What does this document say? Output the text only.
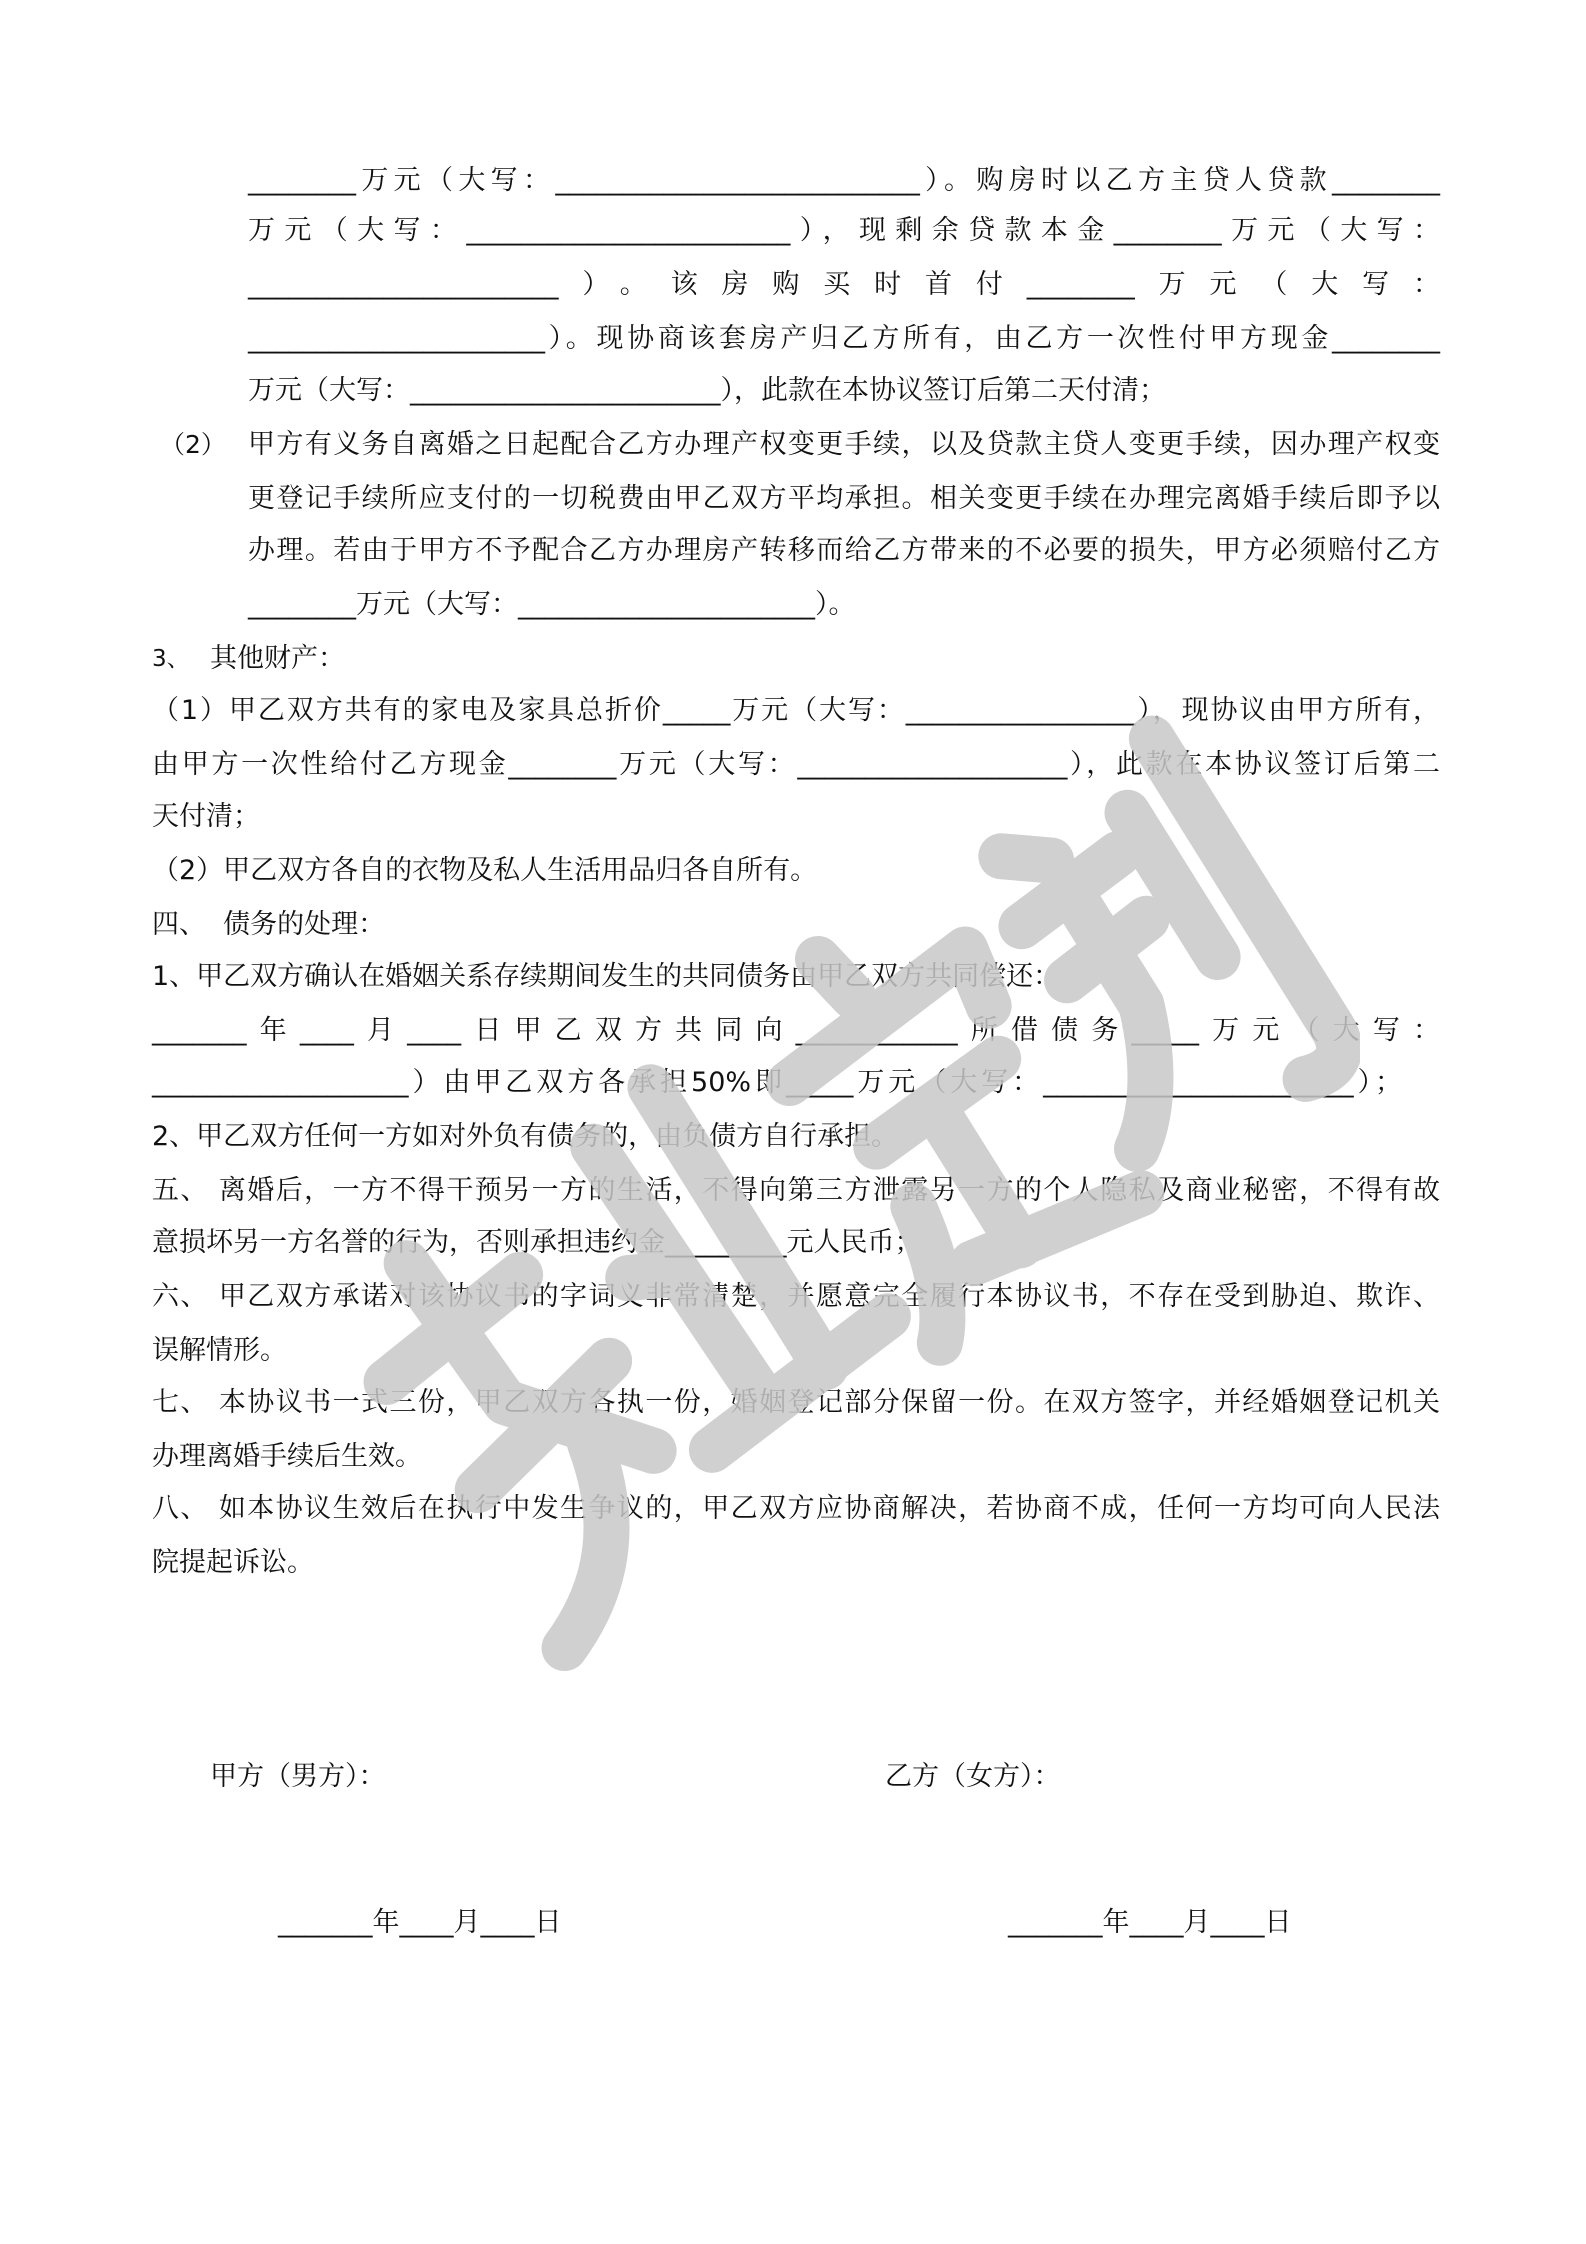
________万元（大写：___________________________）。购房时以乙方主贷人贷款________

万元（大写：________________________），现剩余贷款本金________万元（大写：

_______________________）。该房购买时首付________万元（大写：

______________________）。现协商该套房产归乙方所有，由乙方一次性付甲方现金________

万元（大写：_______________________），此款在本协议签订后第二天付清；

（2） 甲方有义务自离婚之日起配合乙方办理产权变更手续，以及贷款主贷人变更手续，因办理产权变

更登记手续所应支付的一切税费由甲乙双方平均承担。相关变更手续在办理完离婚手续后即予以

办理。若由于甲方不予配合乙方办理房产转移而给乙方带来的不必要的损失，甲方必须赔付乙方

________万元（大写：______________________）。

3、 其他财产：

（1）甲乙双方共有的家电及家具总折价_____万元（大写：_________________），现协议由甲方所有，

由甲方一次性给付乙方现金________万元（大写：____________________），此款在本协议签订后第二

天付清；

（2）甲乙双方各自的衣物及私人生活用品归各自所有。

四、  债务的处理：

1、甲乙双方确认在婚姻关系存续期间发生的共同债务由甲乙双方共同偿还：

_______年____月____日甲乙双方共同向____________所借债务_____万元（大写：

___________________）由甲乙双方各承担50%即_____万元（大写：_______________________）；

2、甲乙双方任何一方如对外负有债务的，由负债方自行承担。

五、 离婚后，一方不得干预另一方的生活，不得向第三方泄露另一方的个人隐私及商业秘密，不得有故

意损坏另一方名誉的行为，否则承担违约金_________元人民币；

六、 甲乙双方承诺对该协议书的字词义非常清楚，并愿意完全履行本协议书，不存在受到胁迫、欺诈、

误解情形。

七、 本协议书一式三份，甲乙双方各执一份，婚姻登记部分保留一份。在双方签字，并经婚姻登记机关

办理离婚手续后生效。

八、 如本协议生效后在执行中发生争议的，甲乙双方应协商解决，若协商不成，任何一方均可向人民法

院提起诉讼。

甲方（男方）：	乙方（女方）：

_______年____月____日	_______年____月____日
